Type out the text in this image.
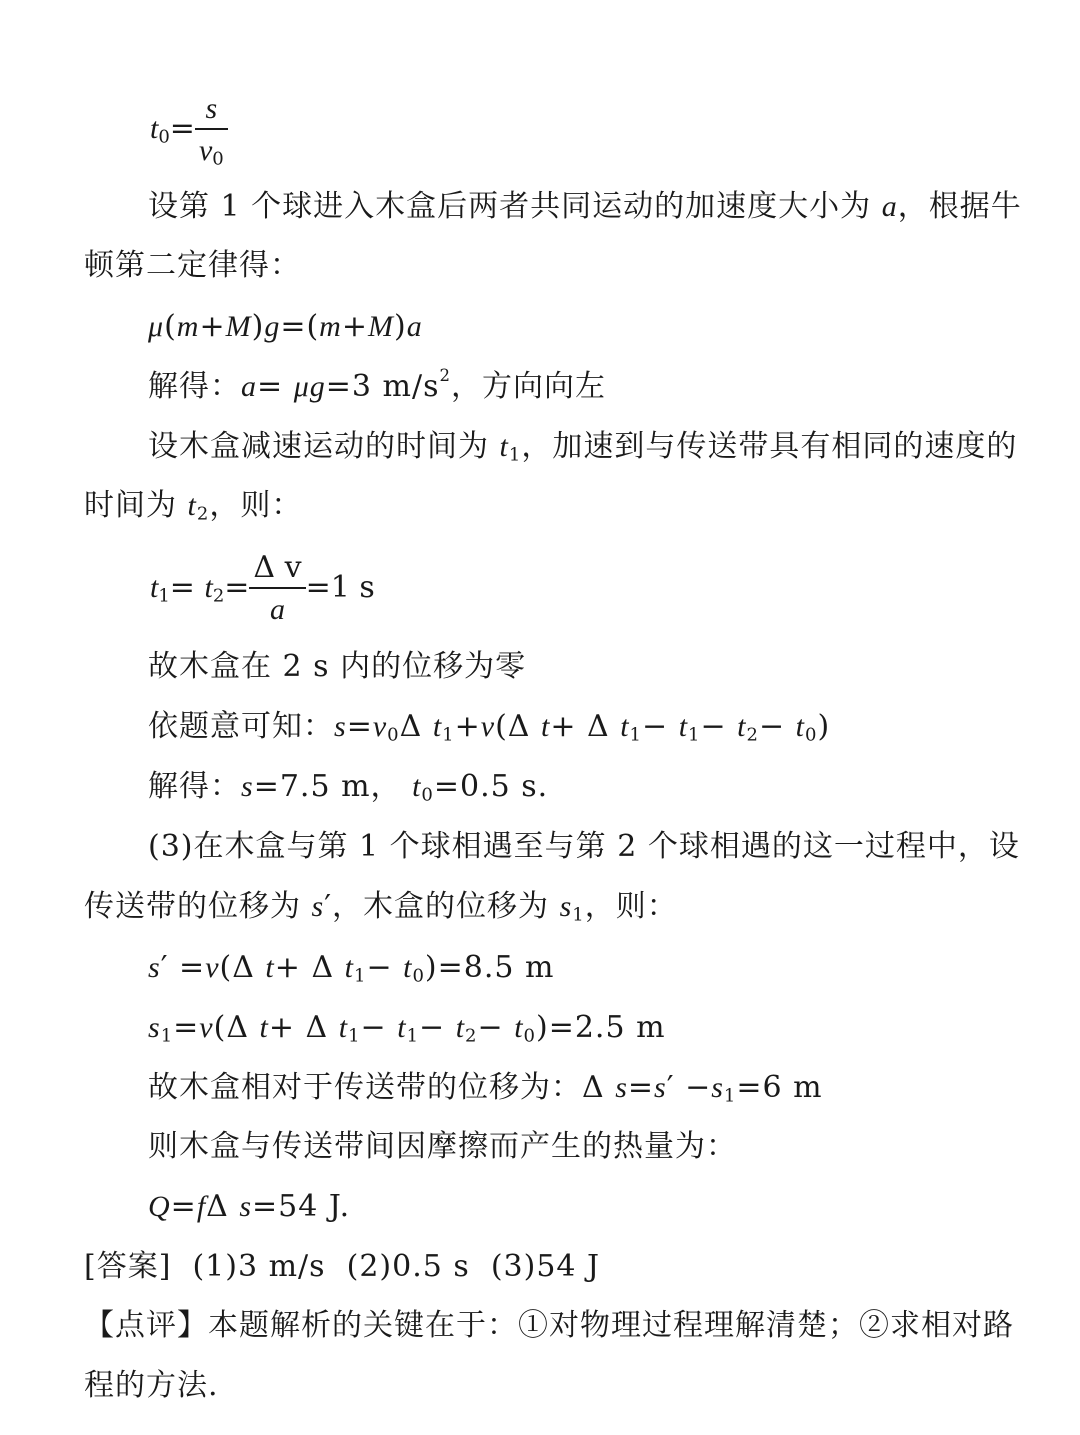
$t_0= \frac{s}{v_0}$
设第 1 个球进入木盒后两者共同运动的加速度大小为 a，根据牛
顿第二定律得：
μ(m+M)g=(m+M)a
解得：a= μg=3 $m/s^2$，方向向左
设木盒减速运动的时间为 $t_1$，加速到与传送带具有相同的速度的
时间为 $t_2$，则：
$t_1= t_2= \frac{\text{Δ v}}{a} =1$ s
故木盒在 2 s 内的位移为零
依题意可知：$s=v_0\Delta$ $t_1+v(\Delta$ t+ Δ $t_1- t_1- t_2- t_0$)
解得：s=7.5 m， $t_0=0.5$ s.
(3)在木盒与第 1 个球相遇至与第 2 个球相遇的这一过程中，设
传送带的位移为 s′，木盒的位移为 $s_1$，则：
s′ =v(Δ t+ Δ $t_1- t_0)=8.5$ m
$s_1=v(\Delta$ t+ Δ $t_1- t_1- t_2- t_0)=2.5$ m
故木盒相对于传送带的位移为：Δ $s=s' -s_1=6$ m
则木盒与传送带间因摩擦而产生的热量为：
Q=fΔ s=54 J.
[答案]  (1)3 m/s  (2)0.5 s  (3)54 J
【点评】本题解析的关键在于：①对物理过程理解清楚；②求相对路
程的方法.
